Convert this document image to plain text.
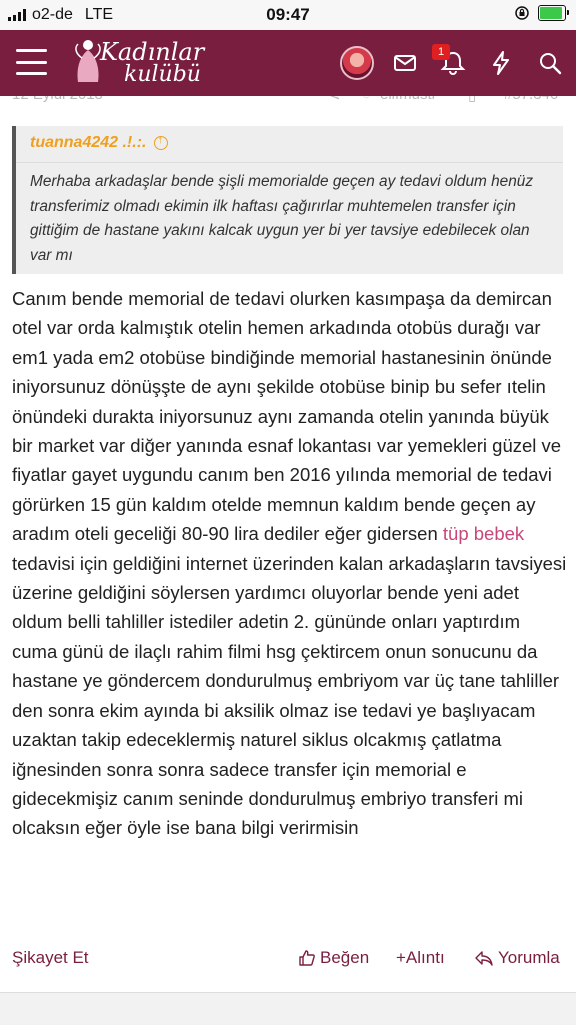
o2-de LTE	09:47
Kadınlar
kulübü
1
tuanna4242 .!.:.
↑
Merhaba arkadaşlar bende şişli memorialde geçen ay tedavi oldum henüz transferimiz olmadı ekimin ilk haftası çağırırlar muhtemelen transfer için gittiğim de hastane yakını kalcak uygun yer bi yer tavsiye edebilecek olan var mı
Canım bende memorial de tedavi olurken kasımpaşa da demircan otel var orda kalmıştık otelin hemen arkadında otobüs durağı var em1 yada em2 otobüse bindiğinde memorial hastanesinin önünde iniyorsunuz dönüşşte de aynı şekilde otobüse binip bu sefer ıtelin önündeki durakta iniyorsunuz aynı zamanda otelin yanında büyük bir market var diğer yanında esnaf lokantası var yemekleri güzel ve fiyatlar gayet uygundu canım ben 2016 yılında memorial de tedavi görürken 15 gün kaldım otelde memnun kaldım bende geçen ay aradım oteli geceliği 80-90 lira dediler eğer gidersen tüp bebek tedavisi için geldiğini internet üzerinden kalan arkadaşların tavsiyesi üzerine geldiğini söylersen yardımcı oluyorlar bende yeni adet oldum belli tahliller istediler adetin 2. gününde onları yaptırdım cuma günü de ilaçlı rahim filmi hsg çektircem onun sonucunu da hastane ye göndercem dondurulmuş embriyom var üç tane tahliller den sonra ekim ayında bi aksilik olmaz ise tedavi ye başlıyacam uzaktan takip edeceklermiş naturel siklus olcakmış çatlatma iğnesinden sonra sonra sadece transfer için memorial e gidecekmişiz canım seninde dondurulmuş embriyo transferi mi olcaksın eğer öyle ise bana bilgi verirmisin
Şikayet Et	Beğen +Alıntı	Yorumla
